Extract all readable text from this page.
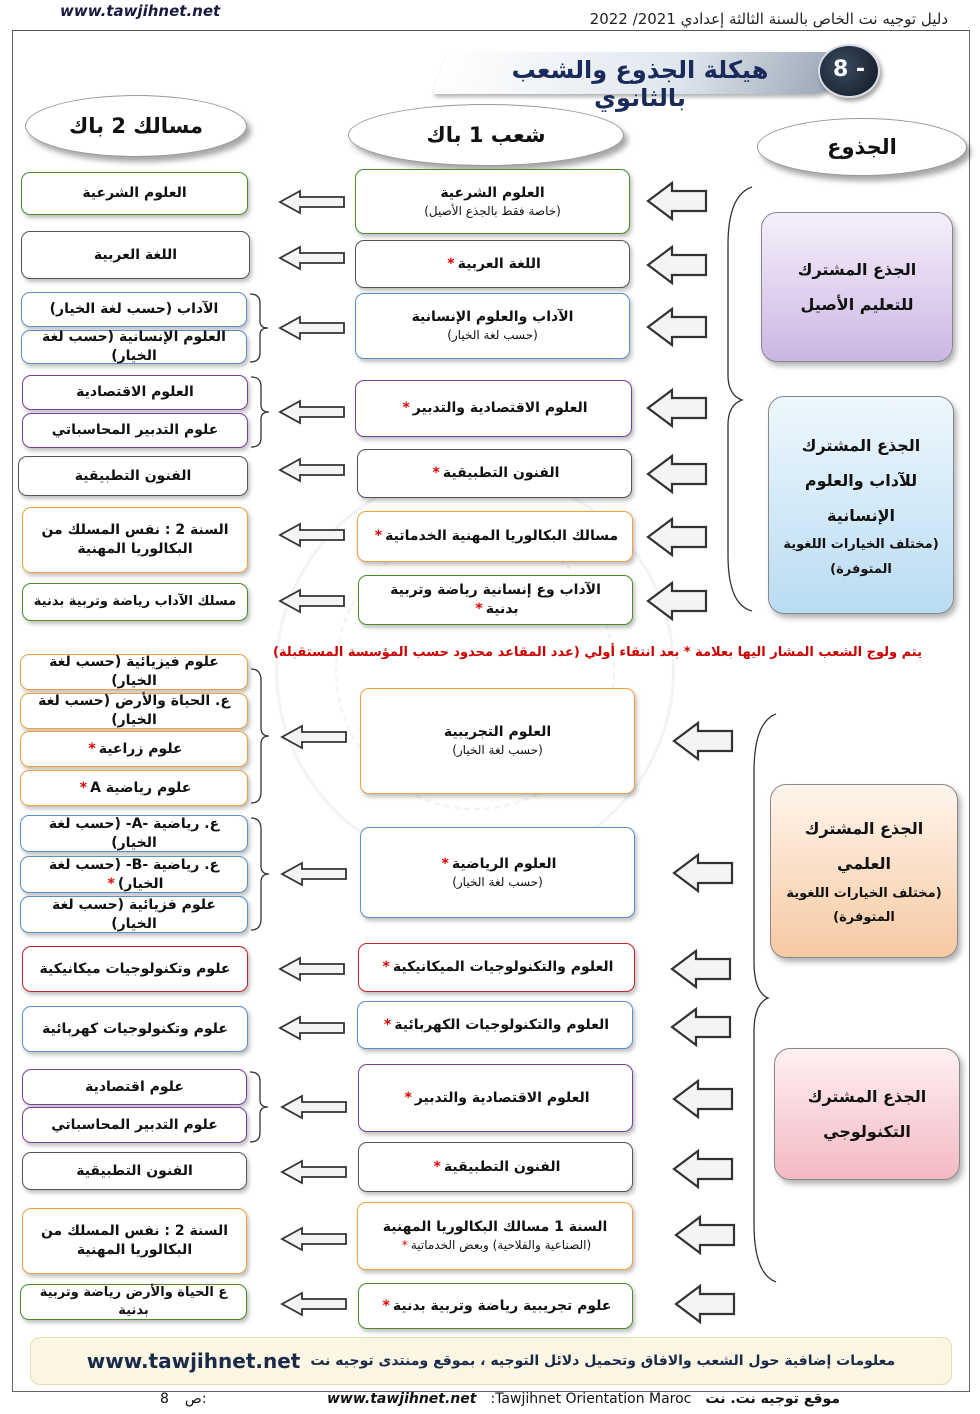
www.tawjihnet.net	دليل توجيه نت الخاص بالسنة الثالثة إعدادي 2021/ 2022
هيكلة الجذوع والشعب بالثانوي
8 -
مسالك 2 باك	شعب 1 باك	الجذوع
الجذع المشترك
للتعليم الأصيل
الجذع المشترك
للآداب والعلوم
الإنسانية
(مختلف الخيارات اللغوية
المتوفرة)
الجذع المشترك
العلمي
(مختلف الخيارات اللغوية
المتوفرة)
الجذع المشترك
التكنولوجي
العلوم الشرعية
(خاصة فقط بالجذع الأصيل)
اللغة العربية*
الآداب والعلوم الإنسانية
(حسب لغة الخيار)
العلوم الاقتصادية والتدبير*
الفنون التطبيقية*
مسالك البكالوريا المهنية الخدماتية*
الآداب وع إنسانية رياضة وتربية بدنية*
يتم ولوج الشعب المشار اليها بعلامة * بعد انتقاء أولي (عدد المقاعد محدود حسب المؤسسة المستقبلة)
العلوم التجريبية
(حسب لغة الخيار)
العلوم الرياضية*
(حسب لغة الخيار)
العلوم والتكنولوجيات الميكانيكية*
العلوم والتكنولوجيات الكهربائية*
العلوم الاقتصادية والتدبير*
الفنون التطبيقية*
السنة 1 مسالك البكالوريا المهنية
(الصناعية والفلاحية) وبعض الخدماتية*
علوم تجريبية رياضة وتربية بدنية*
العلوم الشرعية
اللغة العربية
الآداب (حسب لغة الخيار)
العلوم الإنسانية (حسب لغة الخيار)
العلوم الاقتصادية
علوم التدبير المحاسباتي
الفنون التطبيقية
السنة 2 : نفس المسلك من البكالوريا المهنية
مسلك الآداب رياضة وتربية بدنية
علوم فيزيائية (حسب لغة الخيار)
ع. الحياة والأرض (حسب لغة الخيار)
علوم زراعية*
علوم رياضية A*
ع. رياضية -A- (حسب لغة الخيار)
ع. رياضية -B- (حسب لغة الخيار)*
علوم فزيائية (حسب لغة الخيار)
علوم وتكنولوجيات ميكانيكية
علوم وتكنولوجيات كهربائية
علوم اقتصادية
علوم التدبير المحاسباتي
الفنون التطبيقية
السنة 2 : نفس المسلك من البكالوريا المهنية
ع الحياة والأرض رياضة وتربية بدنية
معلومات إضافية حول الشعب والافاق وتحميل دلائل التوجيه ، بموقع ومنتدى توجيه نت
www.tawjihnet.net
8 ص:	www.tawjihnet.net :Tawjihnet Orientation Maroc موقع توجيه نت. نت
